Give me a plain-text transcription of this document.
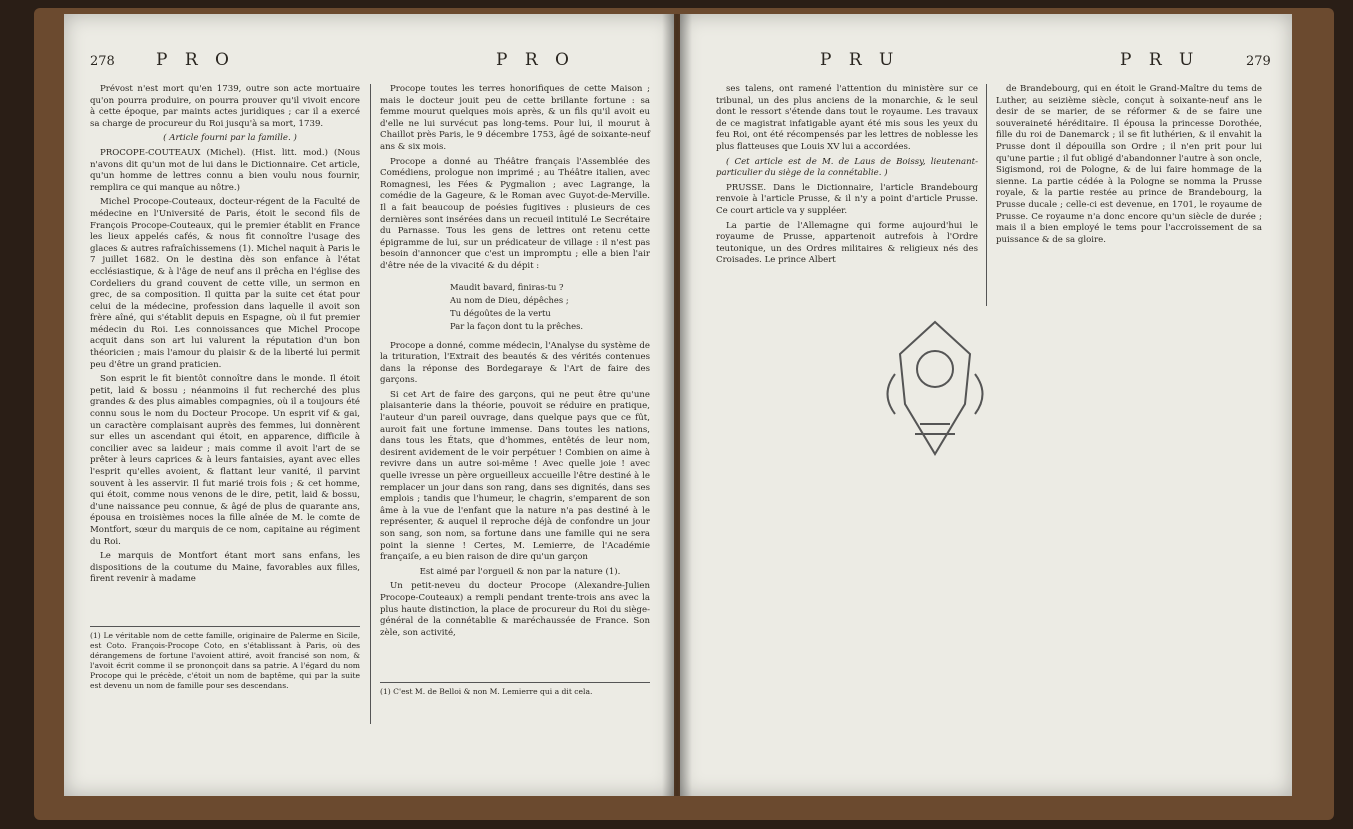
278 P R O	P R O

Prévost n'est mort qu'en 1739, outre son acte mortuaire qu'on pourra produire, on pourra prouver qu'il vivoit encore à cette époque, par maints actes juridiques ; car il a exercé sa charge de procureur du Roi jusqu'à sa mort, 1739.

( Article fourni par la famille. )

PROCOPE-COUTEAUX (Michel). (Hist. litt. mod.) (Nous n'avons dit qu'un mot de lui dans le Dictionnaire. Cet article, qu'un homme de lettres connu a bien voulu nous fournir, remplira ce qui manque au nôtre.)

Michel Procope-Couteaux, docteur-régent de la Faculté de médecine en l'Université de Paris, étoit le second fils de François Procope-Couteaux, qui le premier établit en France les lieux appelés cafés, & nous fit connoître l'usage des glaces & autres rafraîchissemens (1). Michel naquit à Paris le 7 juillet 1682. On le destina dès son enfance à l'état ecclésiastique, & à l'âge de neuf ans il prêcha en l'église des Cordeliers du grand couvent de cette ville, un sermon en grec, de sa composition. Il quitta par la suite cet état pour celui de la médecine, profession dans laquelle il avoit son frère aîné, qui s'établit depuis en Espagne, où il fut premier médecin du Roi. Les connoissances que Michel Procope acquit dans son art lui valurent la réputation d'un bon théoricien ; mais l'amour du plaisir & de la liberté lui permit peu d'être un grand praticien.

Son esprit le fit bientôt connoître dans le monde. Il étoit petit, laid & bossu ; néanmoins il fut recherché des plus grandes & des plus aimables compagnies, où il a toujours été connu sous le nom du Docteur Procope. Un esprit vif & gai, un caractère complaisant auprès des femmes, lui donnèrent sur elles un ascendant qui étoit, en apparence, difficile à concilier avec sa laideur ; mais comme il avoit l'art de se prêter à leurs caprices & à leurs fantaisies, ayant avec elles l'esprit qu'elles avoient, & flattant leur vanité, il parvint souvent à les asservir. Il fut marié trois fois ; & cet homme, qui étoit, comme nous venons de le dire, petit, laid & bossu, d'une naissance peu connue, & âgé de plus de quarante ans, épousa en troisièmes noces la fille aînée de M. le comte de Montfort, sœur du marquis de ce nom, capitaine au régiment du Roi.

Le marquis de Montfort étant mort sans enfans, les dispositions de la coutume du Maine, favorables aux filles, firent revenir à madame

(1) Le véritable nom de cette famille, originaire de Palerme en Sicile, est Coto. François-Procope Coto, en s'établissant à Paris, où des dérangemens de fortune l'avoient attiré, avoit francisé son nom, & l'avoit écrit comme il se prononçoit dans sa patrie. A l'égard du nom Procope qui le précède, c'étoit un nom de baptême, qui par la suite est devenu un nom de famille pour ses descendans.

Procope toutes les terres honorifiques de cette Maison ; mais le docteur jouit peu de cette brillante fortune : sa femme mourut quelques mois après, & un fils qu'il avoit eu d'elle ne lui survécut pas long-tems. Pour lui, il mourut à Chaillot près Paris, le 9 décembre 1753, âgé de soixante-neuf ans & six mois.

Procope a donné au Théâtre français l'Assemblée des Comédiens, prologue non imprimé ; au Théâtre italien, avec Romagnesi, les Fées & Pygmalion ; avec Lagrange, la comédie de la Gageure, & le Roman avec Guyot-de-Merville. Il a fait beaucoup de poésies fugitives : plusieurs de ces dernières sont insérées dans un recueil intitulé Le Secrétaire du Parnasse. Tous les gens de lettres ont retenu cette épigramme de lui, sur un prédicateur de village : il n'est pas besoin d'annoncer que c'est un impromptu ; elle a bien l'air d'être née de la vivacité & du dépit :

Maudit bavard, finiras-tu ?
Au nom de Dieu, dépêches ;
Tu dégoûtes de la vertu
Par la façon dont tu la prêches.

Procope a donné, comme médecin, l'Analyse du système de la trituration, l'Extrait des beautés & des vérités contenues dans la réponse des Bordegaraye & l'Art de faire des garçons.

Si cet Art de faire des garçons, qui ne peut être qu'une plaisanterie dans la théorie, pouvoit se réduire en pratique, l'auteur d'un pareil ouvrage, dans quelque pays que ce fût, auroit fait une fortune immense. Dans toutes les nations, dans tous les États, que d'hommes, entêtés de leur nom, desirent avidement de le voir perpétuer ! Combien on aime à revivre dans un autre soi-même ! Avec quelle joie ! avec quelle ivresse un père orgueilleux accueille l'être destiné à le remplacer un jour dans son rang, dans ses dignités, dans ses emplois ; tandis que l'humeur, le chagrin, s'emparent de son âme à la vue de l'enfant que la nature n'a pas destiné à le représenter, & auquel il reproche déjà de confondre un jour son sang, son nom, sa fortune dans une famille qui ne sera point la sienne ! Certes, M. Lemierre, de l'Académie françaiſe, a eu bien raison de dire qu'un garçon

Est aimé par l'orgueil & non par la nature (1).

Un petit-neveu du docteur Procope (Alexandre-Julien Procope-Couteaux) a rempli pendant trente-trois ans avec la plus haute distinction, la place de procureur du Roi du siège-général de la connétablie & maréchaussée de France. Son zèle, son activité,

(1) C'est M. de Belloi & non M. Lemierre qui a dit cela.
P R U	P R U	279

ses talens, ont ramené l'attention du ministère sur ce tribunal, un des plus anciens de la monarchie, & le seul dont le ressort s'étende dans tout le royaume. Les travaux de ce magistrat infatigable ayant été mis sous les yeux du feu Roi, ont été récompensés par les lettres de noblesse les plus flatteuses que Louis XV lui a accordées.

( Cet article est de M. de Laus de Boissy, lieutenant-particulier du siège de la connétablie. )

PRUSSE. Dans le Dictionnaire, l'article Brandebourg renvoie à l'article Prusse, & il n'y a point d'article Prusse. Ce court article va y suppléer.

La partie de l'Allemagne qui forme aujourd'hui le royaume de Prusse, appartenoit autrefois à l'Ordre teutonique, un des Ordres militaires & religieux nés des Croisades. Le prince Albert

de Brandebourg, qui en étoit le Grand-Maître du tems de Luther, au seizième siècle, conçut à soixante-neuf ans le desir de se marier, de se réformer & de se faire une souveraineté héréditaire. Il épousa la princesse Dorothée, fille du roi de Danemarck ; il se fit luthérien, & il envahit la Prusse dont il dépouilla son Ordre ; il n'en prit pour lui qu'une partie ; il fut obligé d'abandonner l'autre à son oncle, Sigismond, roi de Pologne, & de lui faire hommage de la sienne. La partie cédée à la Pologne se nomma la Prusse royale, & la partie restée au prince de Brandebourg, la Prusse ducale ; celle-ci est devenue, en 1701, le royaume de Prusse. Ce royaume n'a donc encore qu'un siècle de durée ; mais il a bien employé le tems pour l'accroissement de sa puissance & de sa gloire.
